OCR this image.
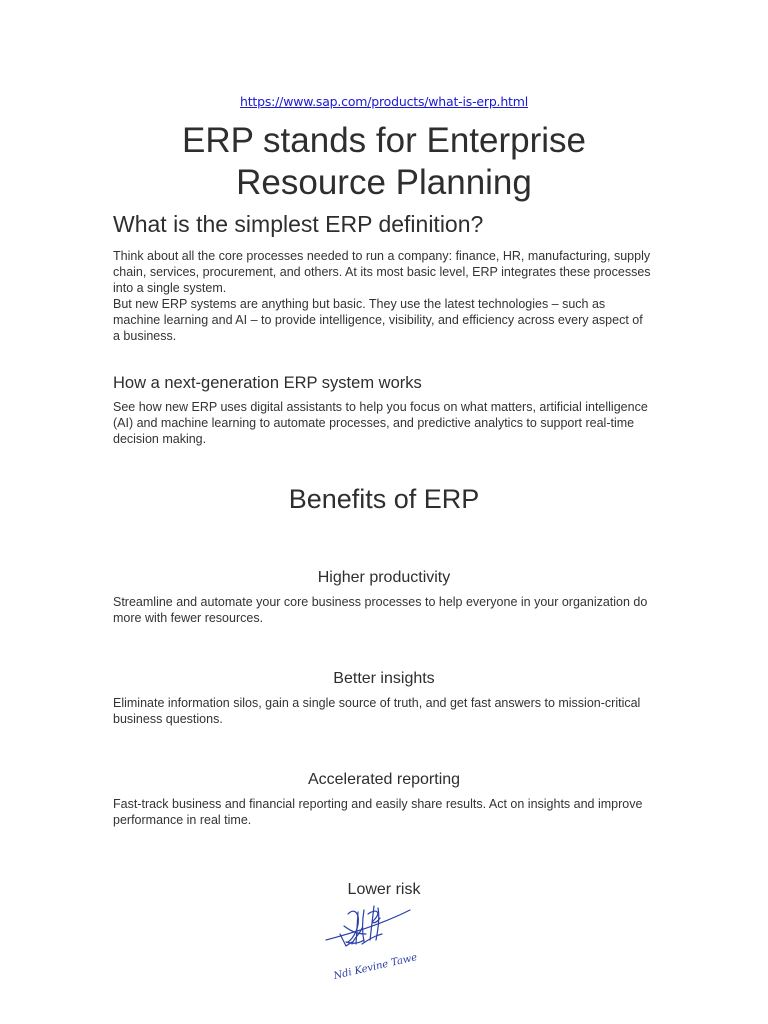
https://www.sap.com/products/what-is-erp.html
ERP stands for Enterprise
Resource Planning
What is the simplest ERP definition?

Think about all the core processes needed to run a company: finance, HR, manufacturing, supply chain, services, procurement, and others. At its most basic level, ERP integrates these processes into a single system.

But new ERP systems are anything but basic. They use the latest technologies – such as machine learning and AI – to provide intelligence, visibility, and efficiency across every aspect of a business.

How a next-generation ERP system works

See how new ERP uses digital assistants to help you focus on what matters, artificial intelligence (AI) and machine learning to automate processes, and predictive analytics to support real-time decision making.

Benefits of ERP
Higher productivity

Streamline and automate your core business processes to help everyone in your organization do more with fewer resources.

Better insights

Eliminate information silos, gain a single source of truth, and get fast answers to mission-critical business questions.

Accelerated reporting

Fast-track business and financial reporting and easily share results. Act on insights and improve performance in real time.

Lower risk
Ndi Kevine Tawe
